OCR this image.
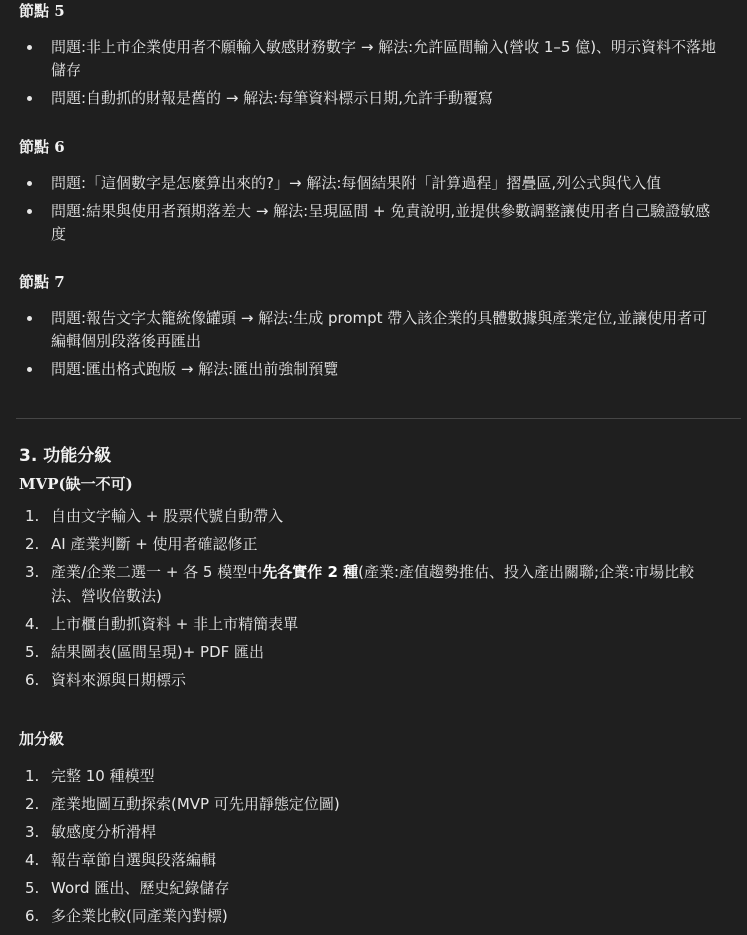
節點 5
問題:非上市企業使用者不願輸入敏感財務數字 → 解法:允許區間輸入(營收 1–5 億)、明示資料不落地儲存
問題:自動抓的財報是舊的 → 解法:每筆資料標示日期,允許手動覆寫
節點 6
問題:「這個數字是怎麼算出來的?」→ 解法:每個結果附「計算過程」摺疊區,列公式與代入值
問題:結果與使用者預期落差大 → 解法:呈現區間 + 免責說明,並提供參數調整讓使用者自己驗證敏感度
節點 7
問題:報告文字太籠統像罐頭 → 解法:生成 prompt 帶入該企業的具體數據與產業定位,並讓使用者可編輯個別段落後再匯出
問題:匯出格式跑版 → 解法:匯出前強制預覽
3. 功能分級
MVP(缺一不可)
1. 自由文字輸入 + 股票代號自動帶入
2. AI 產業判斷 + 使用者確認修正
3. 產業/企業二選一 + 各 5 模型中先各實作 2 種(產業:產值趨勢推估、投入產出關聯;企業:市場比較法、營收倍數法)
4. 上市櫃自動抓資料 + 非上市精簡表單
5. 結果圖表(區間呈現)+ PDF 匯出
6. 資料來源與日期標示
加分級
1. 完整 10 種模型
2. 產業地圖互動探索(MVP 可先用靜態定位圖)
3. 敏感度分析滑桿
4. 報告章節自選與段落編輯
5. Word 匯出、歷史紀錄儲存
6. 多企業比較(同產業內對標)
